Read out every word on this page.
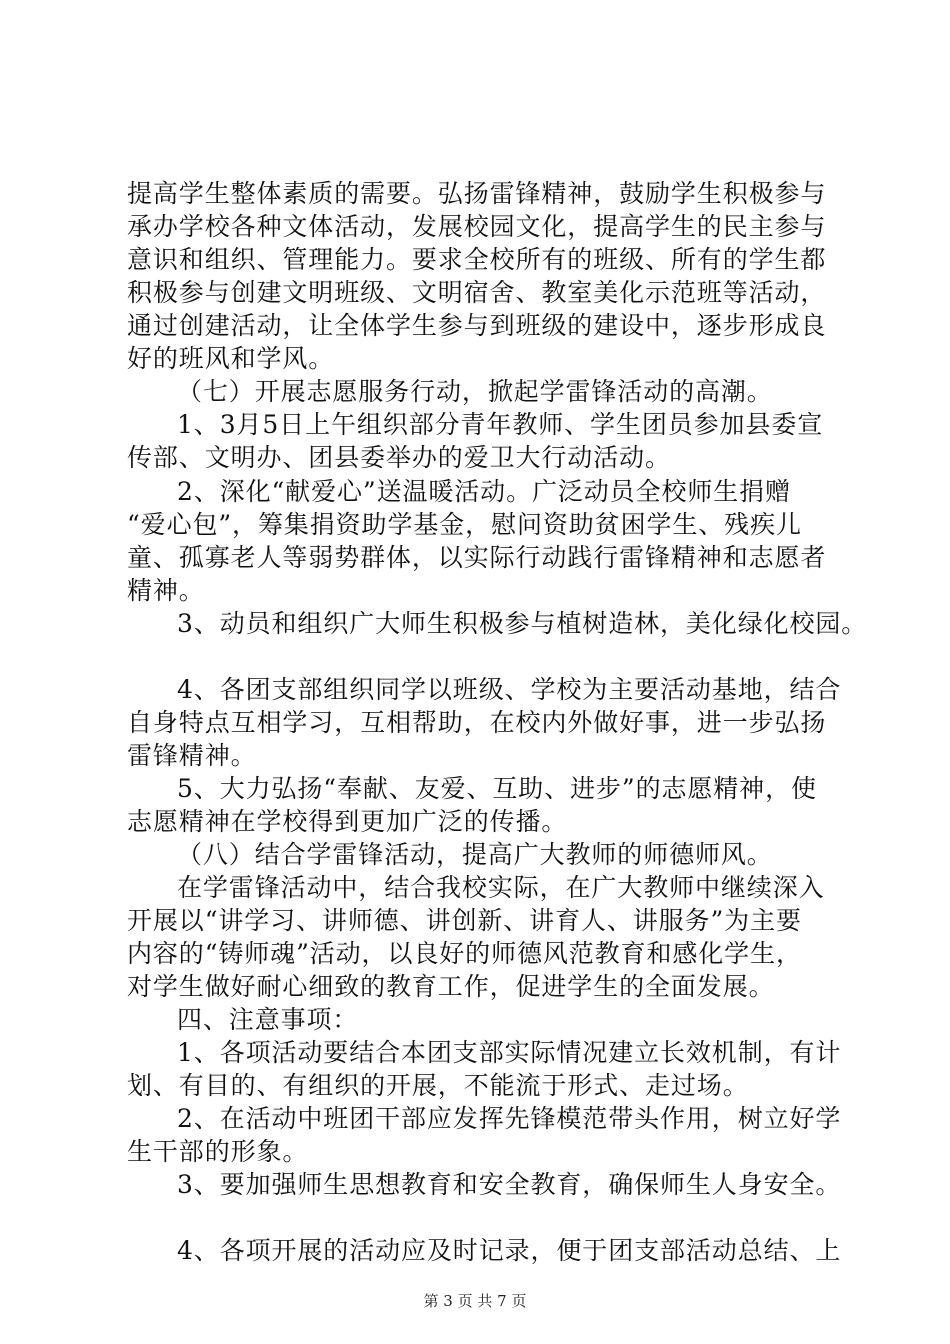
提高学生整体素质的需要。弘扬雷锋精神，鼓励学生积极参与
承办学校各种文体活动，发展校园文化，提高学生的民主参与
意识和组织、管理能力。要求全校所有的班级、所有的学生都
积极参与创建文明班级、文明宿舍、教室美化示范班等活动，
通过创建活动，让全体学生参与到班级的建设中，逐步形成良
好的班风和学风。
（七）开展志愿服务行动，掀起学雷锋活动的高潮。
1、3月5日上午组织部分青年教师、学生团员参加县委宣
传部、文明办、团县委举办的爱卫大行动活动。
2、深化“献爱心”送温暖活动。广泛动员全校师生捐赠
“爱心包”，筹集捐资助学基金，慰问资助贫困学生、残疾儿
童、孤寡老人等弱势群体，以实际行动践行雷锋精神和志愿者
精神。
3、动员和组织广大师生积极参与植树造林，美化绿化校园。
4、各团支部组织同学以班级、学校为主要活动基地，结合
自身特点互相学习，互相帮助，在校内外做好事，进一步弘扬
雷锋精神。
5、大力弘扬“奉献、友爱、互助、进步”的志愿精神，使
志愿精神在学校得到更加广泛的传播。
（八）结合学雷锋活动，提高广大教师的师德师风。
在学雷锋活动中，结合我校实际，在广大教师中继续深入
开展以“讲学习、讲师德、讲创新、讲育人、讲服务”为主要
内容的“铸师魂”活动，以良好的师德风范教育和感化学生，
对学生做好耐心细致的教育工作，促进学生的全面发展。
四、注意事项：
1、各项活动要结合本团支部实际情况建立长效机制，有计
划、有目的、有组织的开展，不能流于形式、走过场。
2、在活动中班团干部应发挥先锋模范带头作用，树立好学
生干部的形象。
3、要加强师生思想教育和安全教育，确保师生人身安全。
4、各项开展的活动应及时记录，便于团支部活动总结、上
第 3 页 共 7 页
